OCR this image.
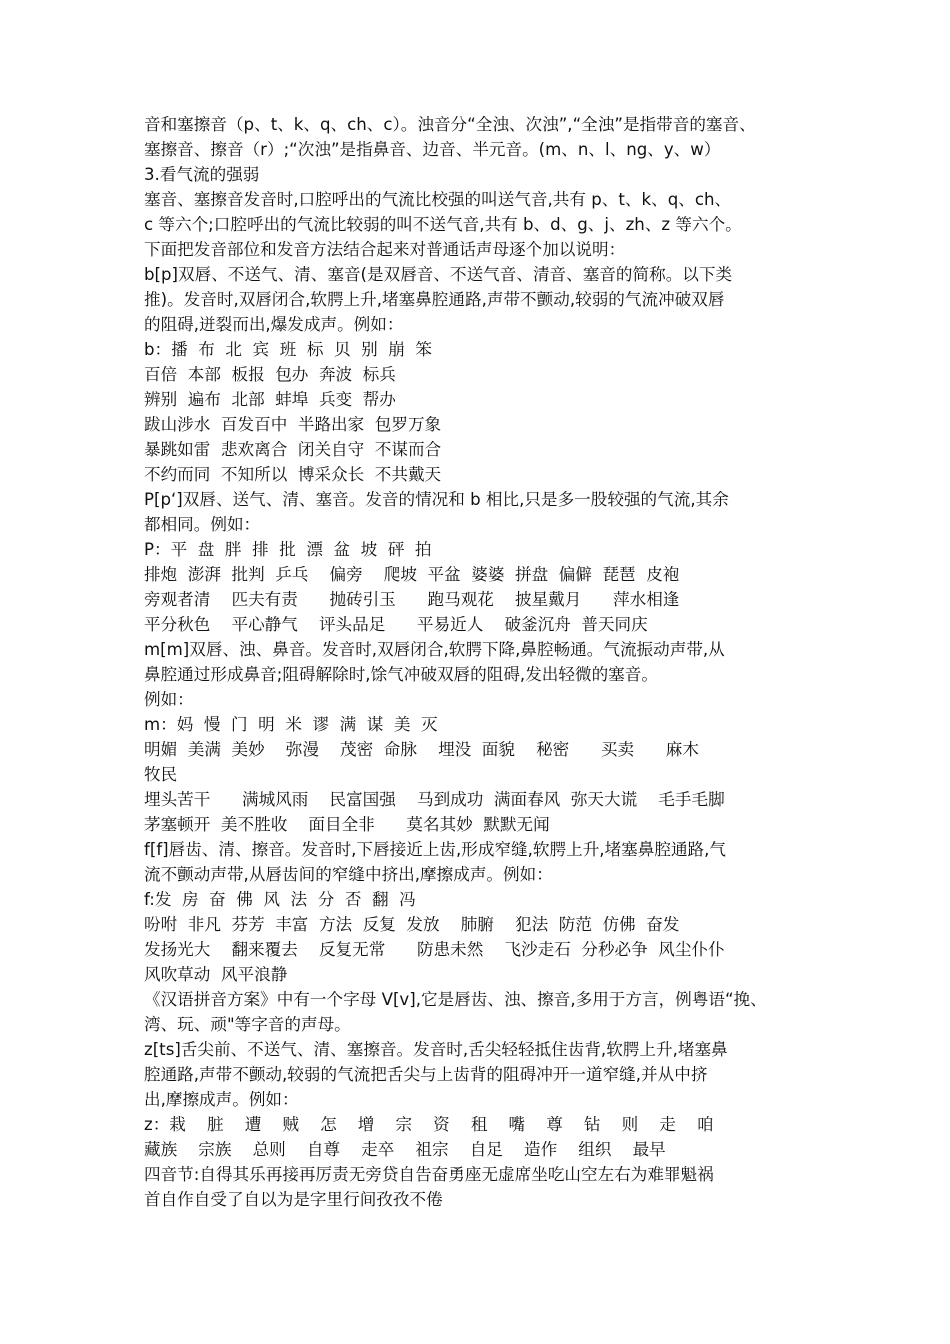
音和塞擦音（p、t、k、q、ch、c）。浊音分“全浊、次浊”,“全浊”是指带音的塞音、
塞擦音、擦音（r）;“次浊”是指鼻音、边音、半元音。(m、n、l、ng、y、w）
3.看气流的强弱
塞音、塞擦音发音时,口腔呼出的气流比校强的叫送气音,共有 p、t、k、q、ch、
c 等六个;口腔呼出的气流比较弱的叫不送气音,共有 b、d、g、j、zh、z 等六个。
下面把发音部位和发音方法结合起来对普通话声母逐个加以说明：
b[p]双唇、不送气、清、塞音(是双唇音、不送气音、清音、塞音的简称。以下类
推)。发音时,双唇闭合,软腭上升,堵塞鼻腔通路,声带不颤动,较弱的气流冲破双唇
的阻碍,迸裂而出,爆发成声。例如：
b：播  布  北  宾  班  标  贝  别  崩  笨
百倍  本部  板报  包办  奔波  标兵
辨别  遍布  北部  蚌埠  兵变  帮办
跋山涉水  百发百中  半路出家  包罗万象
暴跳如雷  悲欢离合  闭关自守  不谋而合
不约而同  不知所以  博采众长  不共戴天
P[p‘]双唇、送气、清、塞音。发音的情况和 b 相比,只是多一股较强的气流,其余
都相同。例如：
P：平  盘  胖  排  批  漂  盆  坡  砰  拍
排炮  澎湃  批判  乒乓    偏旁    爬坡  平盆  婆婆  拼盘  偏僻  琵琶  皮袍
旁观者清    匹夫有责      抛砖引玉      跑马观花    披星戴月      萍水相逢
平分秋色    平心静气    评头品足      平易近人    破釜沉舟  普天同庆
m[m]双唇、浊、鼻音。发音时,双唇闭合,软腭下降,鼻腔畅通。气流振动声带,从
鼻腔通过形成鼻音;阻碍解除时,馀气冲破双唇的阻碍,发出轻微的塞音。
例如：
m：妈  慢  门  明  米  谬  满  谋  美  灭
明媚  美满  美妙    弥漫    茂密  命脉    埋没  面貌    秘密      买卖      麻木
牧民
埋头苦干      满城风雨    民富国强    马到成功  满面春风  弥天大谎    毛手毛脚
茅塞顿开  美不胜收    面目全非      莫名其妙  默默无闻
f[f]唇齿、清、擦音。发音时,下唇接近上齿,形成窄缝,软腭上升,堵塞鼻腔通路,气
流不颤动声带,从唇齿间的窄缝中挤出,摩擦成声。例如：
f:发  房  奋  佛  风  法  分  否  翻  冯
吩咐  非凡  芬芳  丰富  方法  反复  发放    肺腑    犯法  防范  仿佛  奋发
发扬光大    翻来覆去    反复无常      防患未然    飞沙走石  分秒必争  风尘仆仆
风吹草动  风平浪静
《汉语拼音方案》中有一个字母 V[v],它是唇齿、浊、擦音,多用于方言，例粤语“挽、
湾、玩、顽"等字音的声母。
z[ts]舌尖前、不送气、清、塞擦音。发音时,舌尖轻轻抵住齿背,软腭上升,堵塞鼻
腔通路,声带不颤动,较弱的气流把舌尖与上齿背的阻碍冲开一道窄缝,并从中挤
出,摩擦成声。例如：
z：栽    脏    遭    贼    怎    增    宗    资    租    嘴    尊    钻    则    走    咱
藏族    宗族    总则    自尊    走卒    祖宗    自足    造作    组织    最早
四音节:自得其乐再接再厉责无旁贷自告奋勇座无虚席坐吃山空左右为难罪魁祸
首自作自受了自以为是字里行间孜孜不倦
